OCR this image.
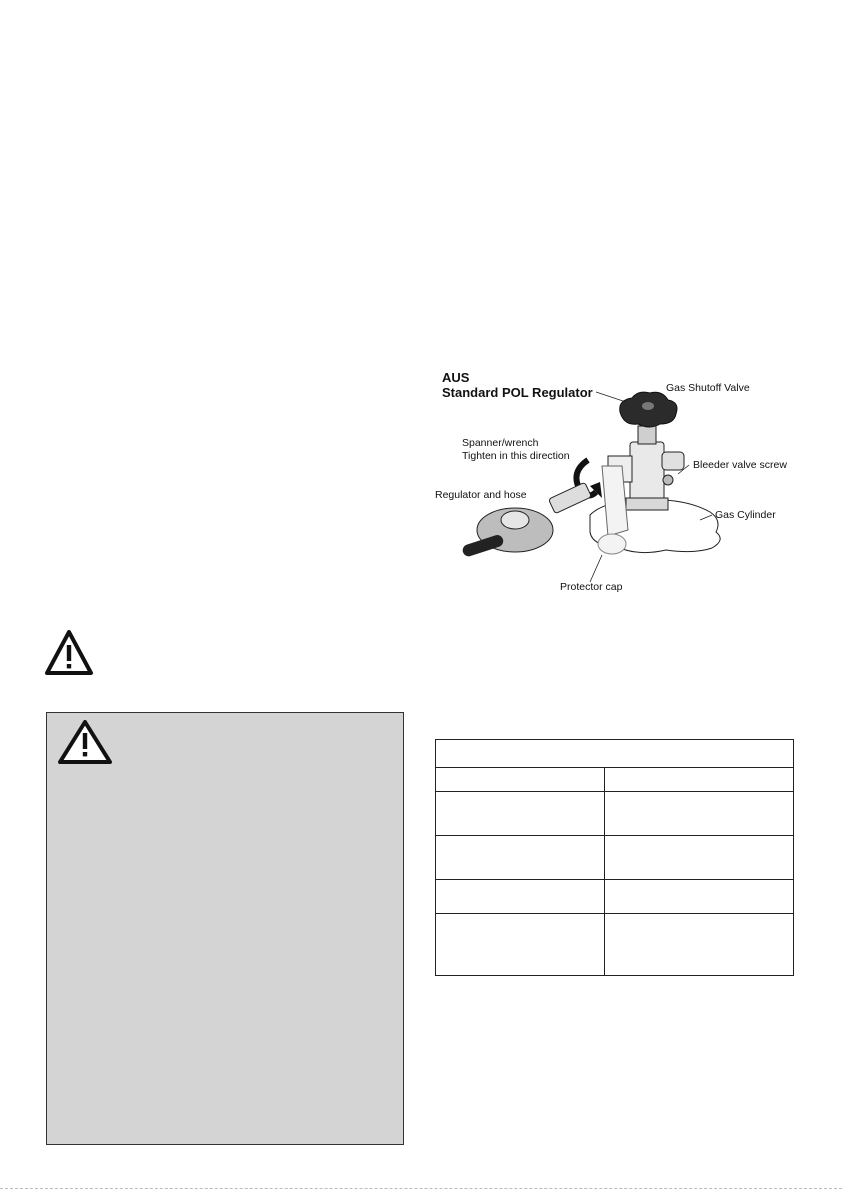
AUS
Standard POL Regulator	Gas Shutoff Valve
Spanner/wrench
Tighten in this direction
Bleeder valve screw
Regulator and hose
Gas Cylinder
Protector cap
